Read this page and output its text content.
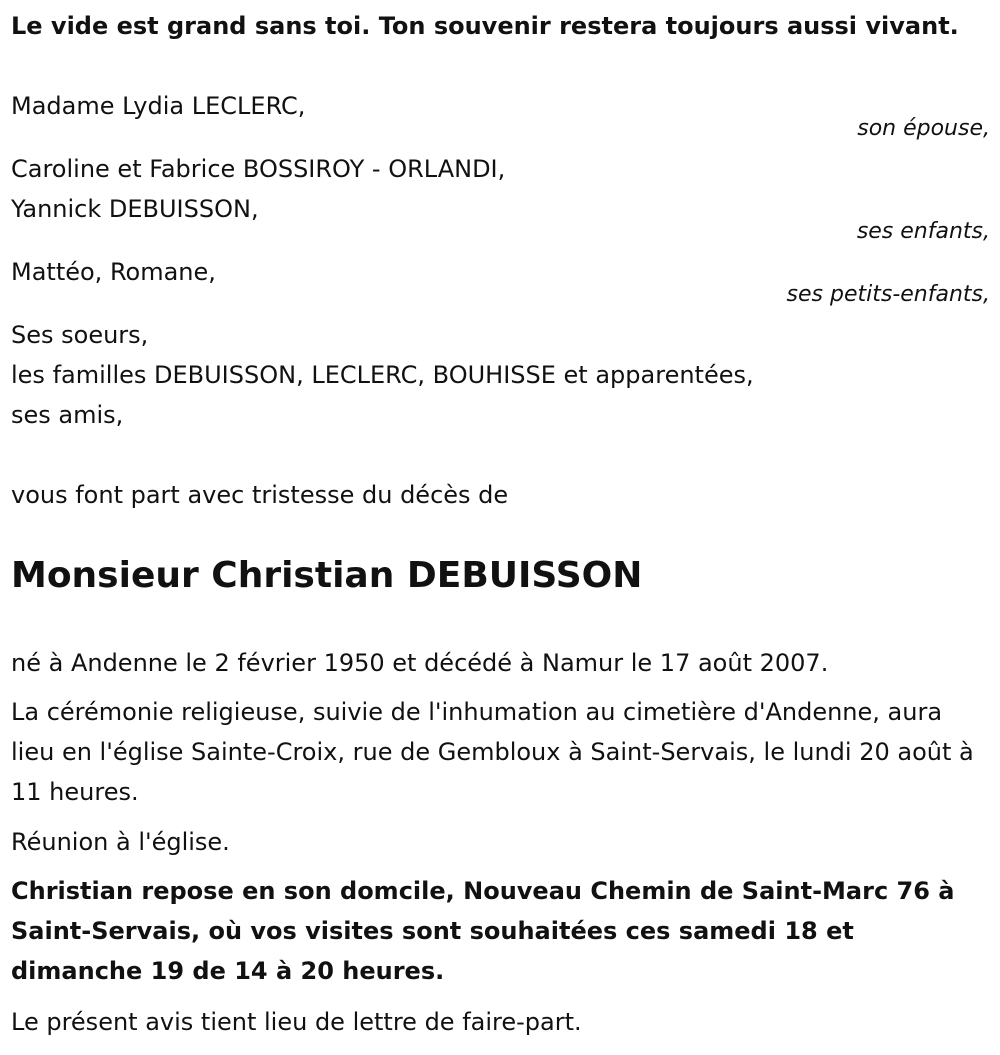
Le vide est grand sans toi. Ton souvenir restera toujours aussi vivant.
Madame Lydia LECLERC,
son épouse,
Caroline et Fabrice BOSSIROY - ORLANDI,
Yannick DEBUISSON,
ses enfants,
Mattéo, Romane,
ses petits-enfants,
Ses soeurs,
les familles DEBUISSON, LECLERC, BOUHISSE et apparentées,
ses amis,
vous font part avec tristesse du décès de
Monsieur Christian DEBUISSON
né à Andenne le 2 février 1950 et décédé à Namur le 17 août 2007.
La cérémonie religieuse, suivie de l'inhumation au cimetière d'Andenne, aura lieu en l'église Sainte-Croix, rue de Gembloux à Saint-Servais, le lundi 20 août à 11 heures.
Réunion à l'église.
Christian repose en son domcile, Nouveau Chemin de Saint-Marc 76 à Saint-Servais, où vos visites sont souhaitées ces samedi 18 et dimanche 19 de 14 à 20 heures.
Le présent avis tient lieu de lettre de faire-part.
